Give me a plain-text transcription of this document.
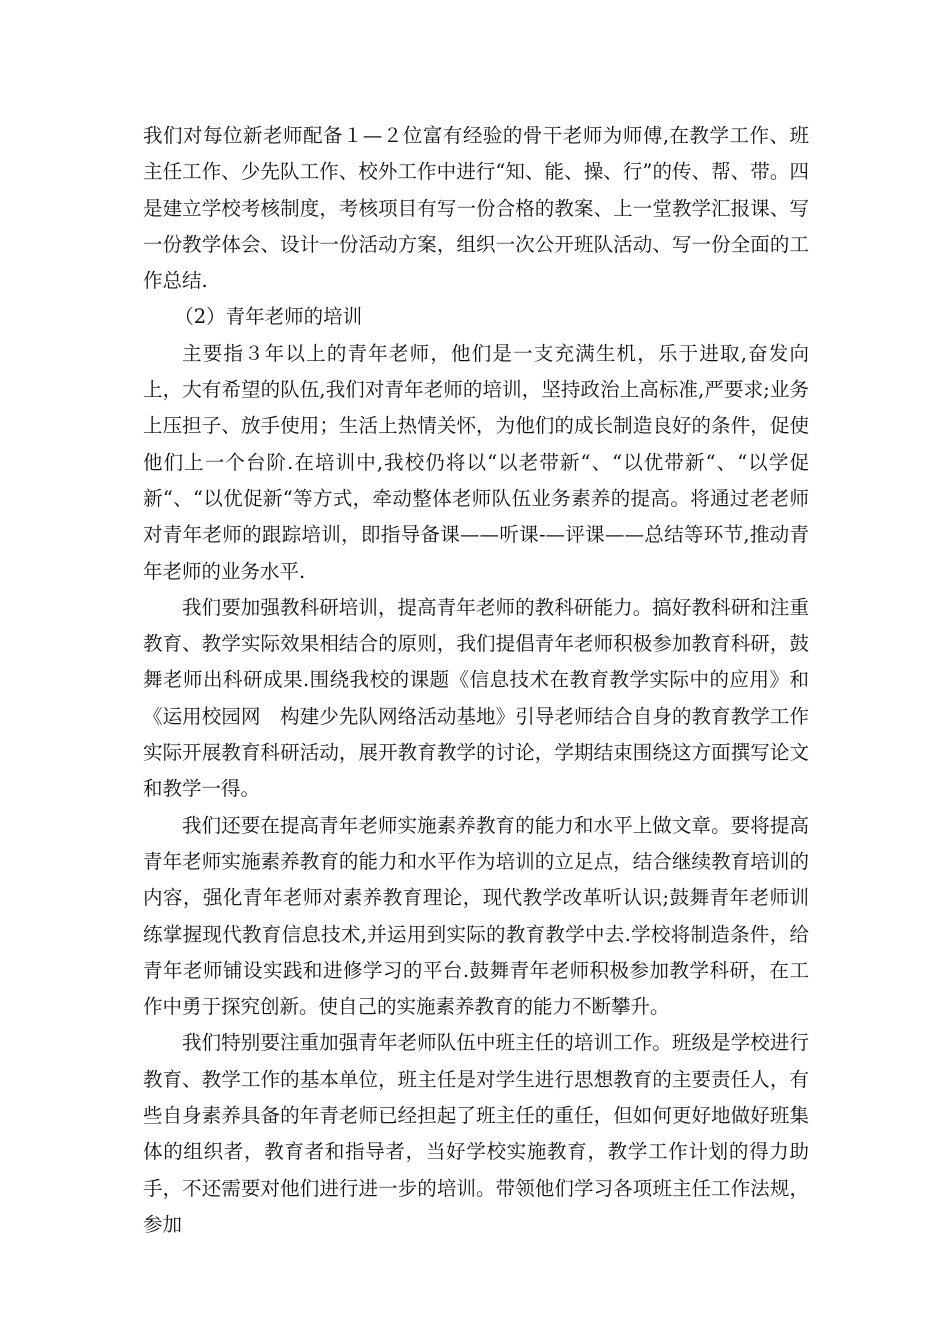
我们对每位新老师配备１—２位富有经验的骨干老师为师傅,在教学工作、班主任工作、少先队工作、校外工作中进行“知、能、操、行”的传、帮、带。四是建立学校考核制度，考核项目有写一份合格的教案、上一堂教学汇报课、写一份教学体会、设计一份活动方案，组织一次公开班队活动、写一份全面的工作总结.

（2）青年老师的培训

主要指３年以上的青年老师，他们是一支充满生机，乐于进取,奋发向上，大有希望的队伍,我们对青年老师的培训，坚持政治上高标准,严要求;业务上压担子、放手使用；生活上热情关怀，为他们的成长制造良好的条件，促使他们上一个台阶.在培训中,我校仍将以“以老带新“、“以优带新“、“以学促新“、“以优促新“等方式，牵动整体老师队伍业务素养的提高。将通过老老师对青年老师的跟踪培训，即指导备课——听课-—评课——总结等环节,推动青年老师的业务水平.

我们要加强教科研培训，提高青年老师的教科研能力。搞好教科研和注重教育、教学实际效果相结合的原则，我们提倡青年老师积极参加教育科研，鼓舞老师出科研成果.围绕我校的课题《信息技术在教育教学实际中的应用》和《运用校园网　构建少先队网络活动基地》引导老师结合自身的教育教学工作实际开展教育科研活动，展开教育教学的讨论，学期结束围绕这方面撰写论文和教学一得。

我们还要在提高青年老师实施素养教育的能力和水平上做文章。要将提高青年老师实施素养教育的能力和水平作为培训的立足点，结合继续教育培训的内容，强化青年老师对素养教育理论，现代教学改革听认识;鼓舞青年老师训练掌握现代教育信息技术,并运用到实际的教育教学中去.学校将制造条件，给青年老师铺设实践和进修学习的平台.鼓舞青年老师积极参加教学科研，在工作中勇于探究创新。使自己的实施素养教育的能力不断攀升。

我们特别要注重加强青年老师队伍中班主任的培训工作。班级是学校进行教育、教学工作的基本单位，班主任是对学生进行思想教育的主要责任人，有些自身素养具备的年青老师已经担起了班主任的重任，但如何更好地做好班集体的组织者，教育者和指导者，当好学校实施教育，教学工作计划的得力助手，不还需要对他们进行进一步的培训。带领他们学习各项班主任工作法规，参加
